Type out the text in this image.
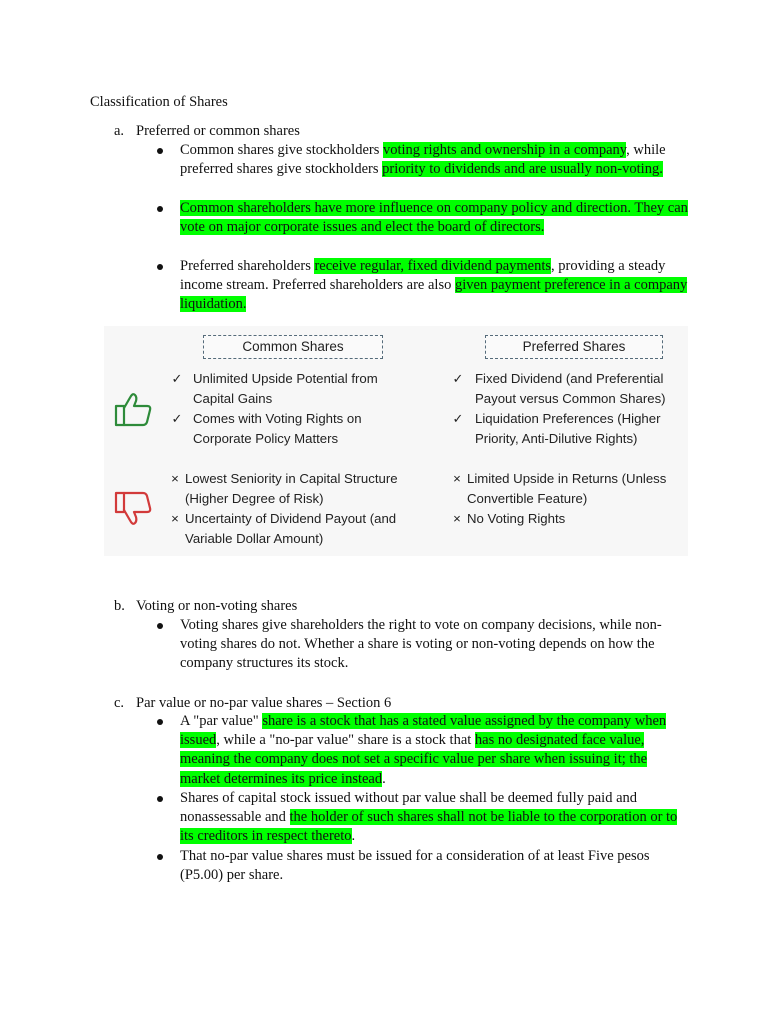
Classification of Shares
a. Preferred or common shares
Common shares give stockholders voting rights and ownership in a company, while preferred shares give stockholders priority to dividends and are usually non-voting.
Common shareholders have more influence on company policy and direction. They can vote on major corporate issues and elect the board of directors.
Preferred shareholders receive regular, fixed dividend payments, providing a steady income stream. Preferred shareholders are also given payment preference in a company liquidation.
Common Shares	Preferred Shares
✓ Unlimited Upside Potential from Capital Gains
✓ Comes with Voting Rights on Corporate Policy Matters
✓ Fixed Dividend (and Preferential Payout versus Common Shares)
✓ Liquidation Preferences (Higher Priority, Anti-Dilutive Rights)
× Lowest Seniority in Capital Structure (Higher Degree of Risk)
× Uncertainty of Dividend Payout (and Variable Dollar Amount)
× Limited Upside in Returns (Unless Convertible Feature)
× No Voting Rights
b. Voting or non-voting shares
Voting shares give shareholders the right to vote on company decisions, while non-voting shares do not. Whether a share is voting or non-voting depends on how the company structures its stock.
c. Par value or no-par value shares – Section 6
A "par value" share is a stock that has a stated value assigned by the company when issued, while a "no-par value" share is a stock that has no designated face value, meaning the company does not set a specific value per share when issuing it; the market determines its price instead.
Shares of capital stock issued without par value shall be deemed fully paid and nonassessable and the holder of such shares shall not be liable to the corporation or to its creditors in respect thereto.
That no-par value shares must be issued for a consideration of at least Five pesos (P5.00) per share.
